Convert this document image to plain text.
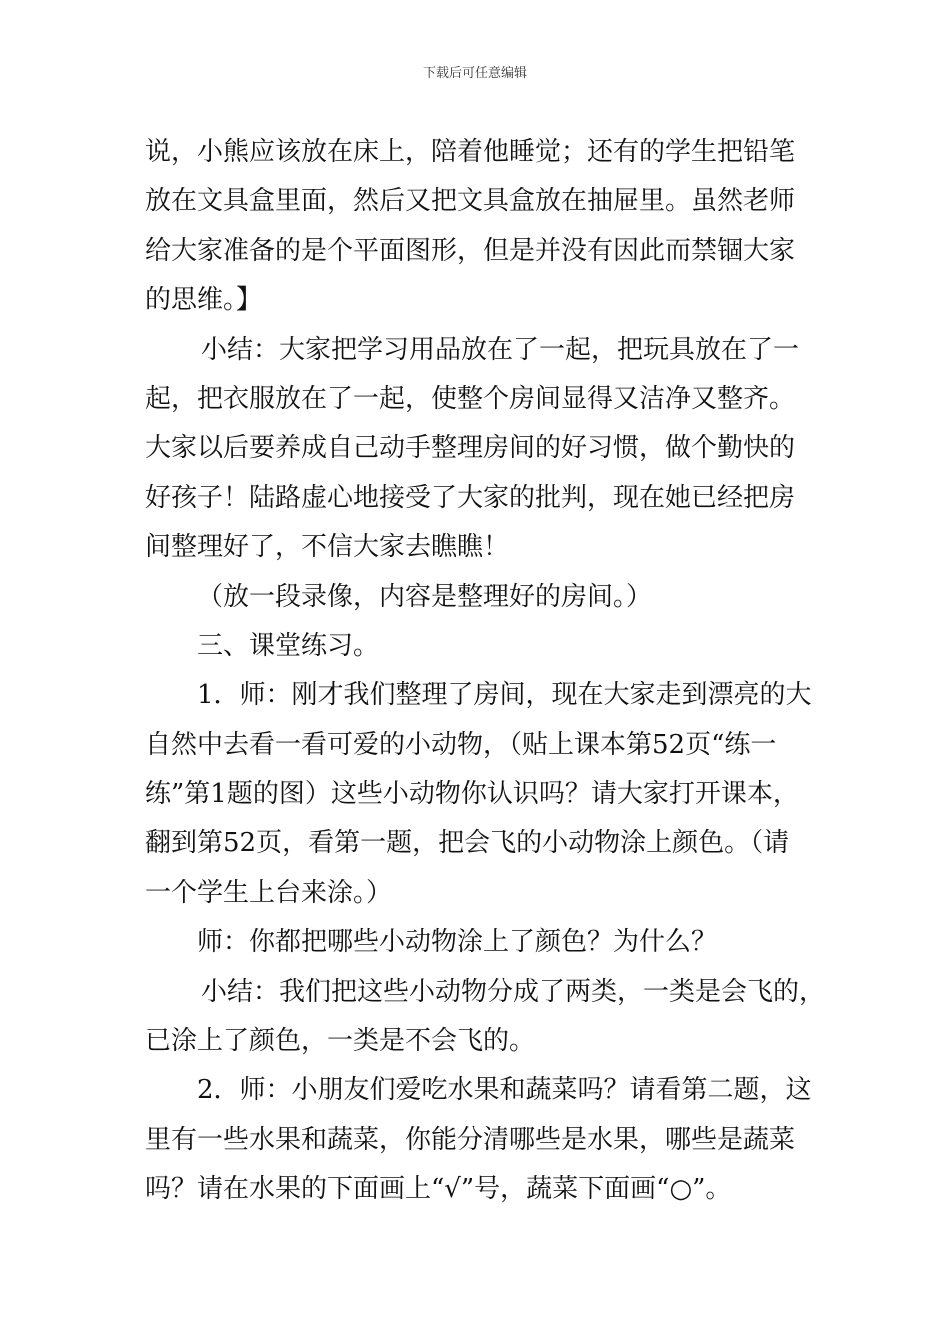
下载后可任意编辑
说，小熊应该放在床上，陪着他睡觉；还有的学生把铅笔
放在文具盒里面，然后又把文具盒放在抽屉里。虽然老师
给大家准备的是个平面图形，但是并没有因此而禁锢大家
的思维。】
小结：大家把学习用品放在了一起，把玩具放在了一
起，把衣服放在了一起，使整个房间显得又洁净又整齐。
大家以后要养成自己动手整理房间的好习惯，做个勤快的
好孩子！陆路虚心地接受了大家的批判，现在她已经把房
间整理好了，不信大家去瞧瞧！
（放一段录像，内容是整理好的房间。）
三、课堂练习。
1．师：刚才我们整理了房间，现在大家走到漂亮的大
自然中去看一看可爱的小动物，（贴上课本第52页“练一
练”第1题的图）这些小动物你认识吗？请大家打开课本，
翻到第52页，看第一题，把会飞的小动物涂上颜色。（请
一个学生上台来涂。）
师：你都把哪些小动物涂上了颜色？为什么？
小结：我们把这些小动物分成了两类，一类是会飞的，
已涂上了颜色，一类是不会飞的。
2．师：小朋友们爱吃水果和蔬菜吗？请看第二题，这
里有一些水果和蔬菜，你能分清哪些是水果，哪些是蔬菜
吗？请在水果的下面画上“√”号，蔬菜下面画“○”。
